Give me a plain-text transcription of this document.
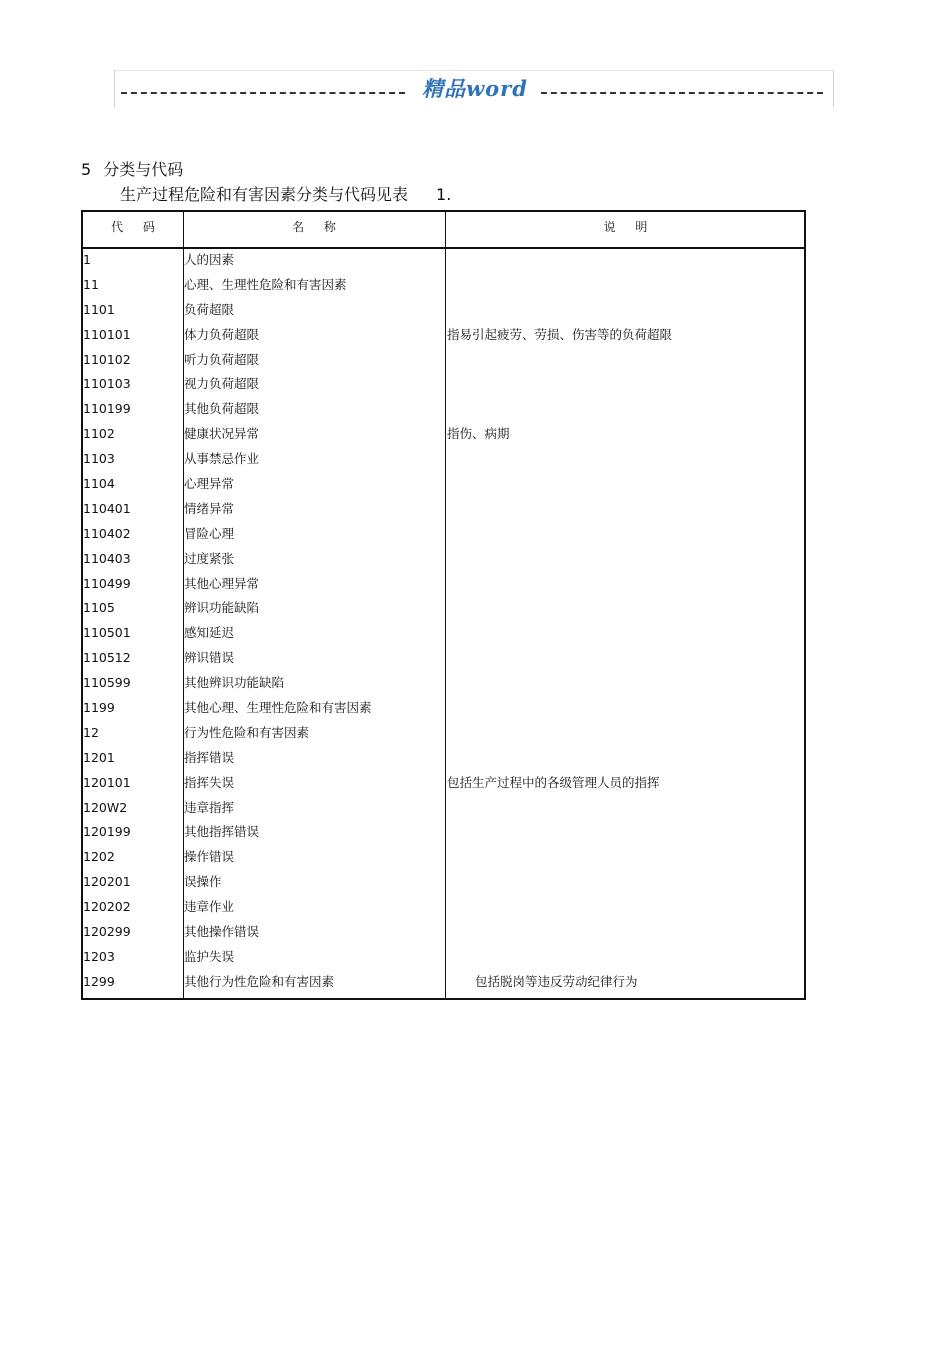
精品word
5 分类与代码
生产过程危险和有害因素分类与代码见表 1.
代 码	名 称	说 明
1	人的因素
11	心理、生理性危险和有害因素
1101	负荷超限
110101	体力负荷超限	指易引起疲劳、劳损、伤害等的负荷超限
110102	听力负荷超限
110103	视力负荷超限
110199	其他负荷超限
1102	健康状况异常	指伤、病期
1103	从事禁忌作业
1104	心理异常
110401	情绪异常
110402	冒险心理
110403	过度紧张
110499	其他心理异常
1105	辨识功能缺陷
110501	感知延迟
110512	辨识错误
110599	其他辨识功能缺陷
1199	其他心理、生理性危险和有害因素
12	行为性危险和有害因素
1201	指挥错误
120101	指挥失误	包括生产过程中的各级管理人员的指挥
120W2	违章指挥
120199	其他指挥错误
1202	操作错误
120201	误操作
120202	违章作业
120299	其他操作错误
1203	监护失误
1299	其他行为性危险和有害因素	包括脱岗等违反劳动纪律行为
